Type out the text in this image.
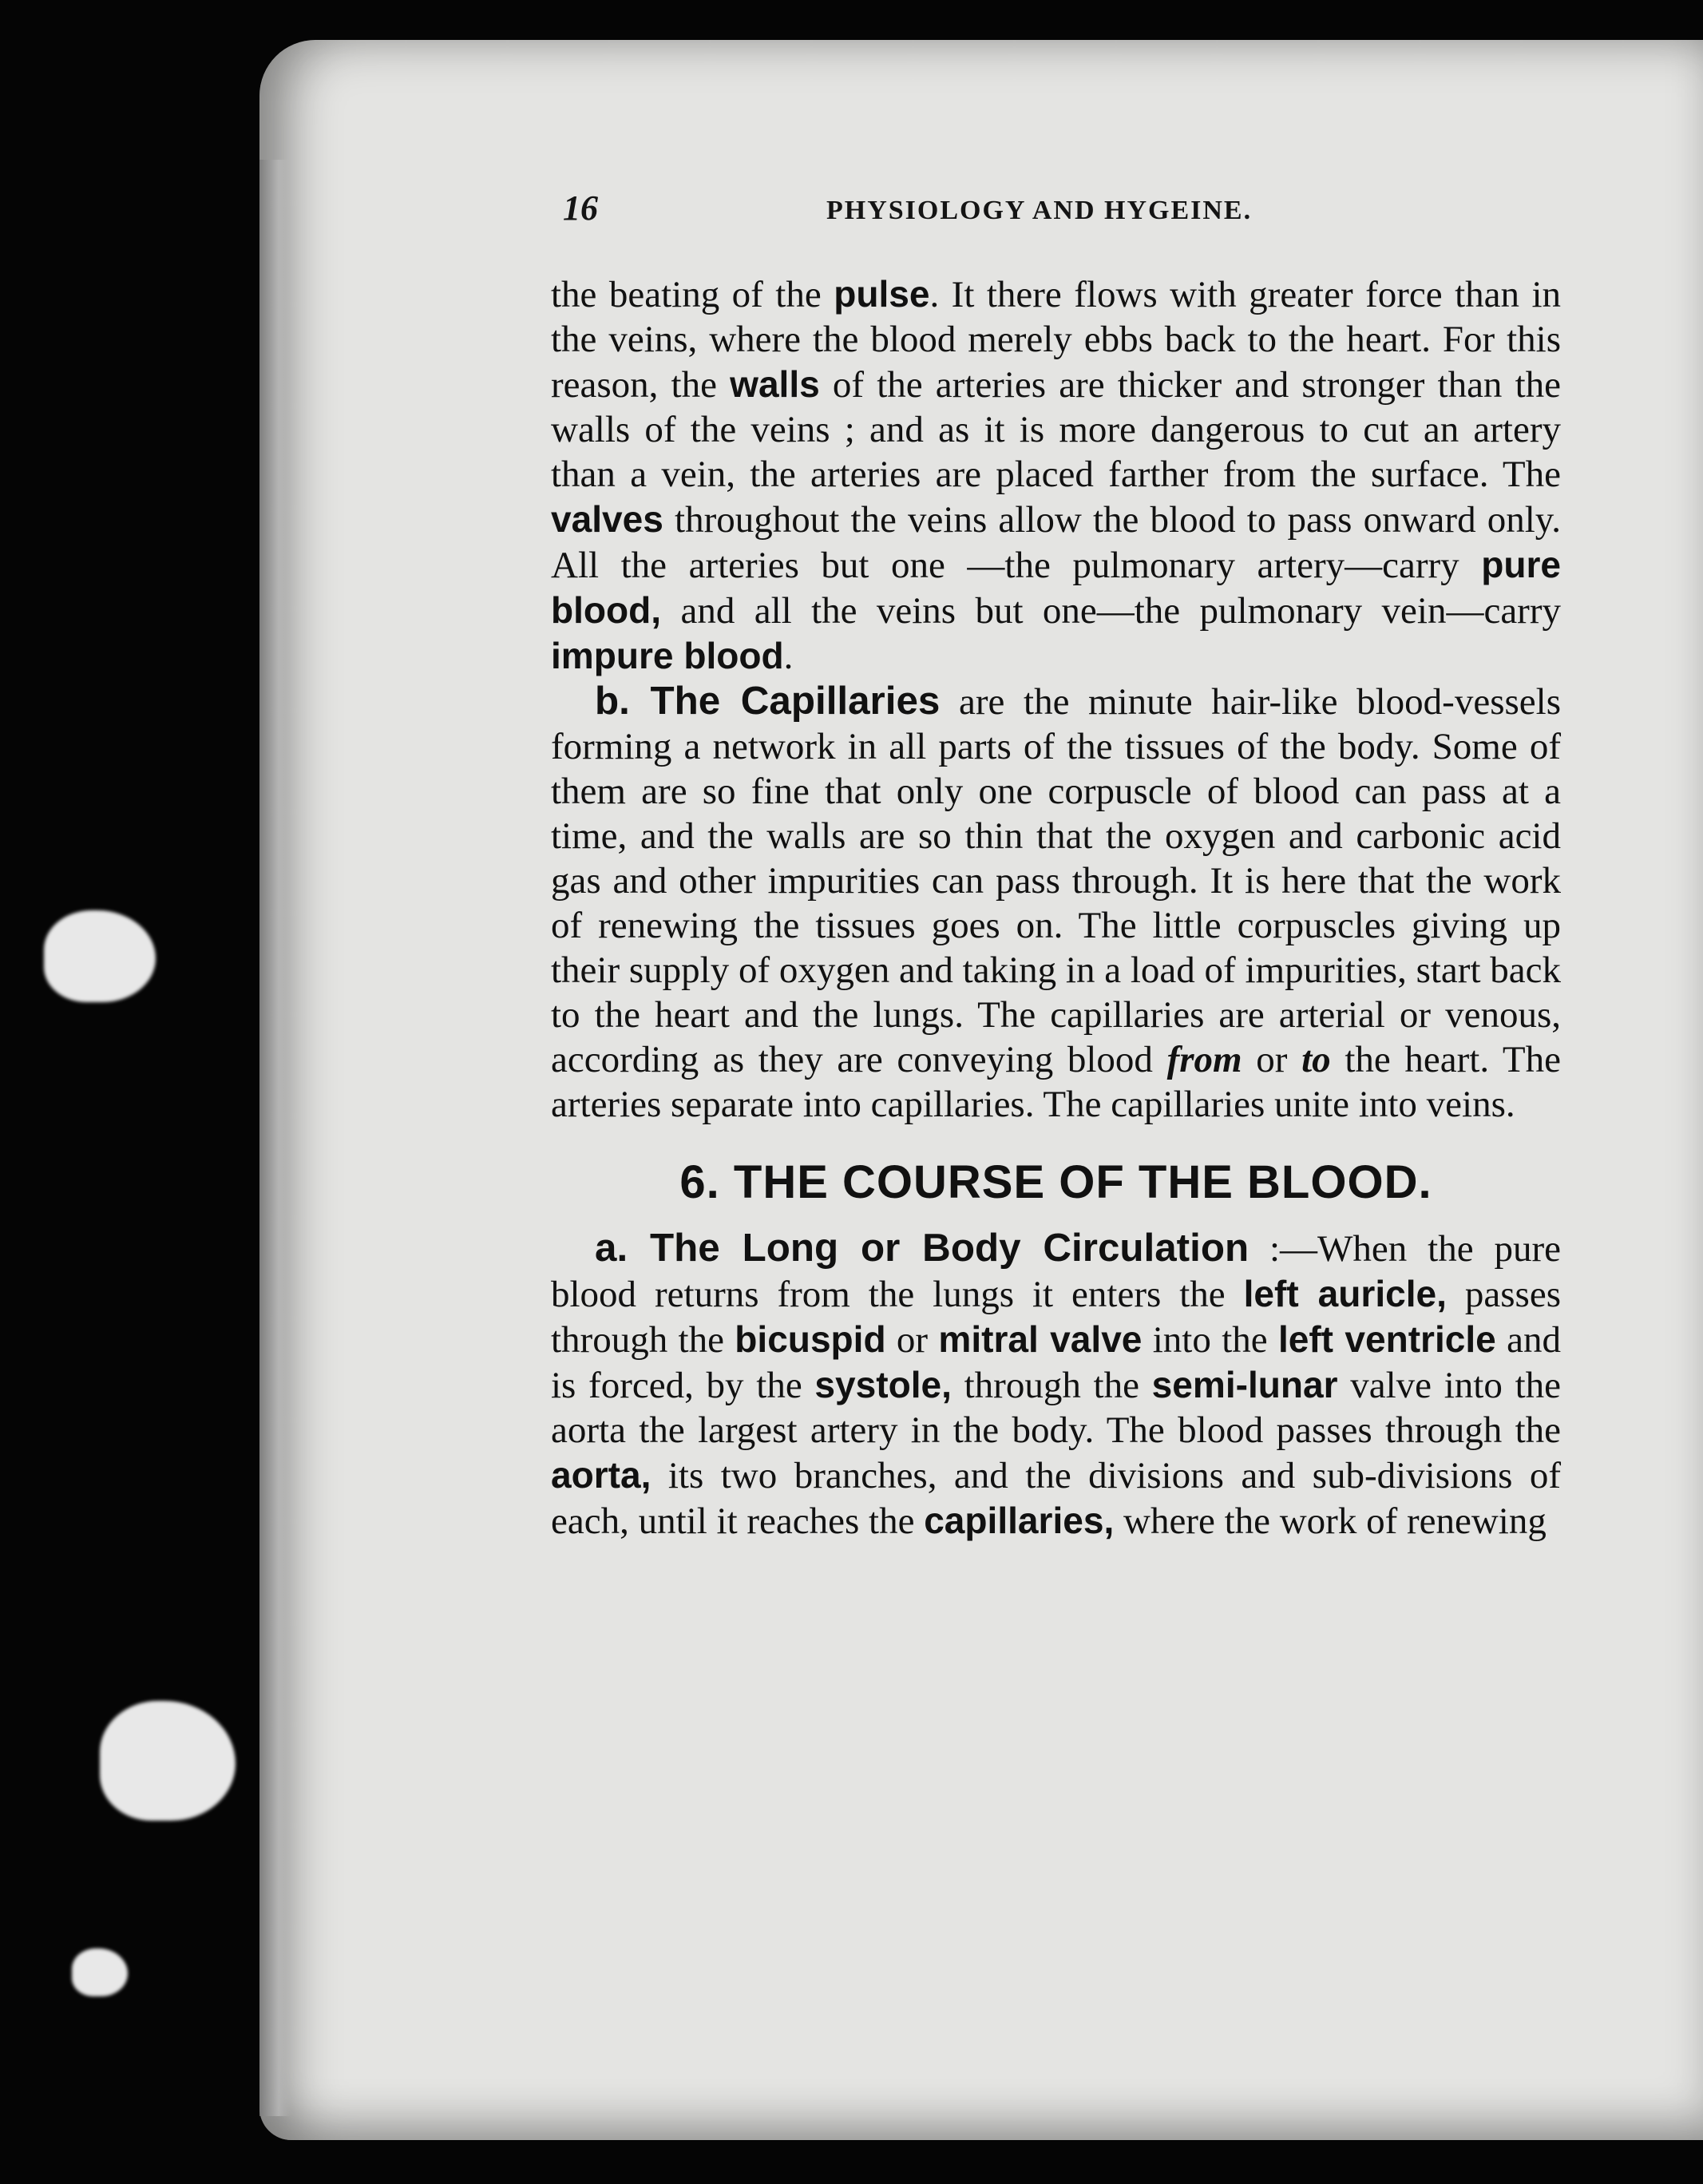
16	PHYSIOLOGY AND HYGEINE.

the beating of the pulse. It there flows with greater force than in the veins, where the blood merely ebbs back to the heart. For this reason, the walls of the arteries are thicker and stronger than the walls of the veins ; and as it is more dangerous to cut an artery than a vein, the arteries are placed farther from the surface. The valves throughout the veins allow the blood to pass onward only. All the arteries but one —the pulmonary artery—carry pure blood, and all the veins but one—the pulmonary vein—carry impure blood.

b. The Capillaries are the minute hair-like blood-vessels forming a network in all parts of the tissues of the body. Some of them are so fine that only one corpuscle of blood can pass at a time, and the walls are so thin that the oxygen and carbonic acid gas and other impurities can pass through. It is here that the work of renewing the tissues goes on. The little corpuscles giving up their supply of oxygen and taking in a load of impurities, start back to the heart and the lungs. The capillaries are arterial or venous, according as they are conveying blood from or to the heart. The arteries separate into capillaries. The capillaries unite into veins.

6. THE COURSE OF THE BLOOD.

a. The Long or Body Circulation :—When the pure blood returns from the lungs it enters the left auricle, passes through the bicuspid or mitral valve into the left ventricle and is forced, by the systole, through the semi-lunar valve into the aorta the largest artery in the body. The blood passes through the aorta, its two branches, and the divisions and sub-divisions of each, until it reaches the capillaries, where the work of renewing
